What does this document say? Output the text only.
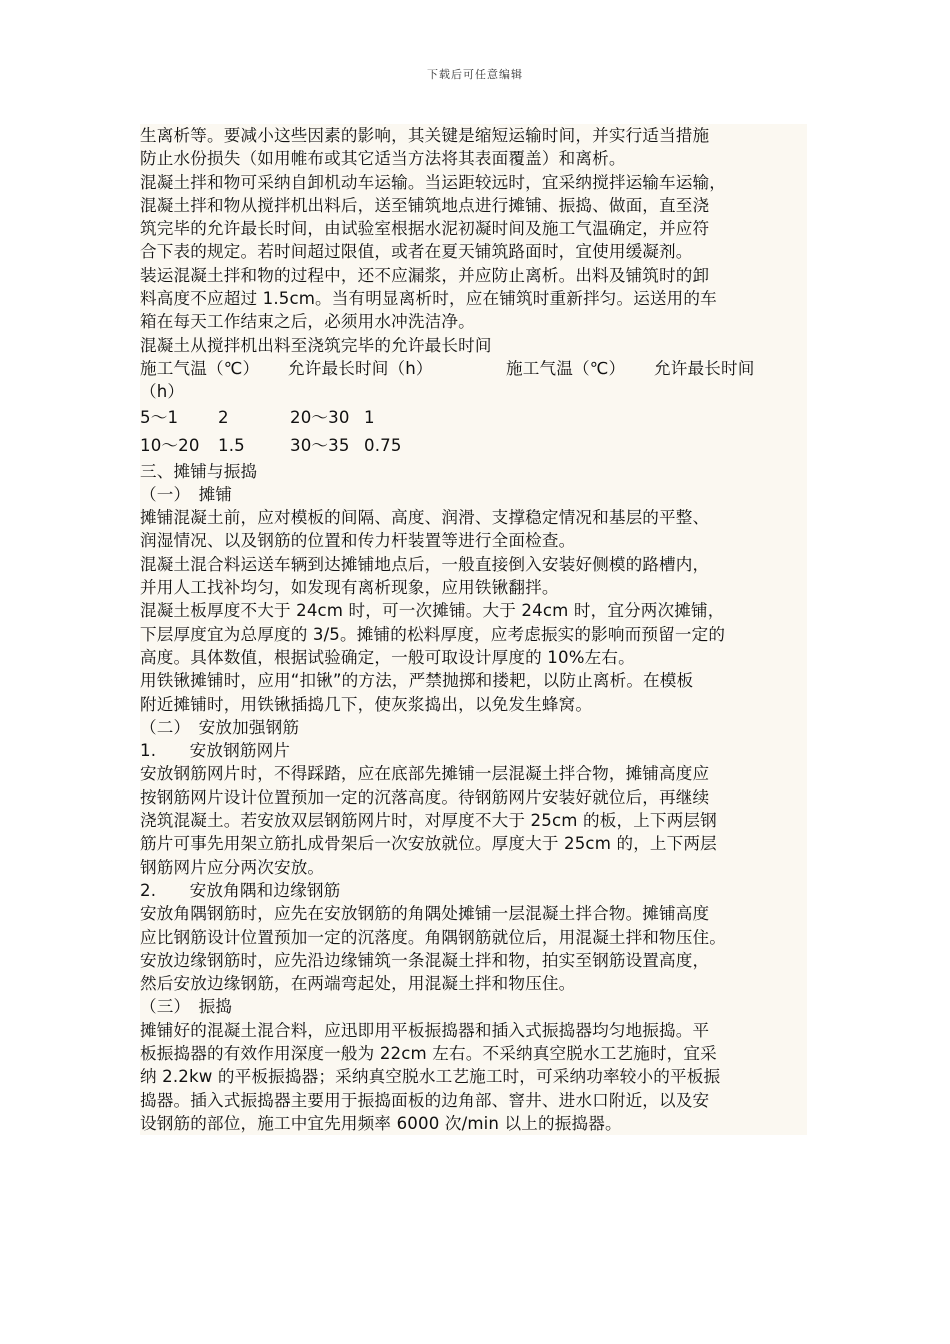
下载后可任意编辑
生离析等。要减小这些因素的影响，其关键是缩短运输时间，并实行适当措施
防止水份损失（如用帷布或其它适当方法将其表面覆盖）和离析。
混凝土拌和物可采纳自卸机动车运输。当运距较远时，宜采纳搅拌运输车运输，
混凝土拌和物从搅拌机出料后，送至铺筑地点进行摊铺、振捣、做面，直至浇
筑完毕的允许最长时间，由试验室根据水泥初凝时间及施工气温确定，并应符
合下表的规定。若时间超过限值，或者在夏天铺筑路面时，宜使用缓凝剂。
装运混凝土拌和物的过程中，还不应漏浆，并应防止离析。出料及铺筑时的卸
料高度不应超过 1.5cm。当有明显离析时，应在铺筑时重新拌匀。运送用的车
箱在每天工作结束之后，必须用水冲洗洁净。
混凝土从搅拌机出料至浇筑完毕的允许最长时间
施工气温（℃）	允许最长时间（h）	施工气温（℃）	允许最长时间
（h）
5～1	2	20～30 1
10～20	1.5	30～35 0.75
三、摊铺与振捣
（一）　摊铺
摊铺混凝土前，应对模板的间隔、高度、润滑、支撑稳定情况和基层的平整、
润湿情况、以及钢筋的位置和传力杆装置等进行全面检查。
混凝土混合料运送车辆到达摊铺地点后，一般直接倒入安装好侧模的路槽内，
并用人工找补均匀，如发现有离析现象，应用铁锹翻拌。
混凝土板厚度不大于 24cm 时，可一次摊铺。大于 24cm 时，宜分两次摊铺，
下层厚度宜为总厚度的 3/5。摊铺的松料厚度，应考虑振实的影响而预留一定的
高度。具体数值，根据试验确定，一般可取设计厚度的 10%左右。
用铁锹摊铺时，应用“扣锹”的方法，严禁抛掷和搂耙，以防止离析。在模板
附近摊铺时，用铁锹插捣几下，使灰浆捣出，以免发生蜂窝。
（二）　安放加强钢筋
1.　　安放钢筋网片
安放钢筋网片时，不得踩踏，应在底部先摊铺一层混凝土拌合物，摊铺高度应
按钢筋网片设计位置预加一定的沉落高度。待钢筋网片安装好就位后，再继续
浇筑混凝土。若安放双层钢筋网片时，对厚度不大于 25cm 的板，上下两层钢
筋片可事先用架立筋扎成骨架后一次安放就位。厚度大于 25cm 的，上下两层
钢筋网片应分两次安放。
2.　　安放角隅和边缘钢筋
安放角隅钢筋时，应先在安放钢筋的角隅处摊铺一层混凝土拌合物。摊铺高度
应比钢筋设计位置预加一定的沉落度。角隅钢筋就位后，用混凝土拌和物压住。
安放边缘钢筋时，应先沿边缘铺筑一条混凝土拌和物，拍实至钢筋设置高度，
然后安放边缘钢筋，在两端弯起处，用混凝土拌和物压住。
（三）　振捣
摊铺好的混凝土混合料，应迅即用平板振捣器和插入式振捣器均匀地振捣。平
板振捣器的有效作用深度一般为 22cm 左右。不采纳真空脱水工艺施时，宜采
纳 2.2kw 的平板振捣器；采纳真空脱水工艺施工时，可采纳功率较小的平板振
捣器。插入式振捣器主要用于振捣面板的边角部、窨井、进水口附近，以及安
设钢筋的部位，施工中宜先用频率 6000 次/min 以上的振捣器。
